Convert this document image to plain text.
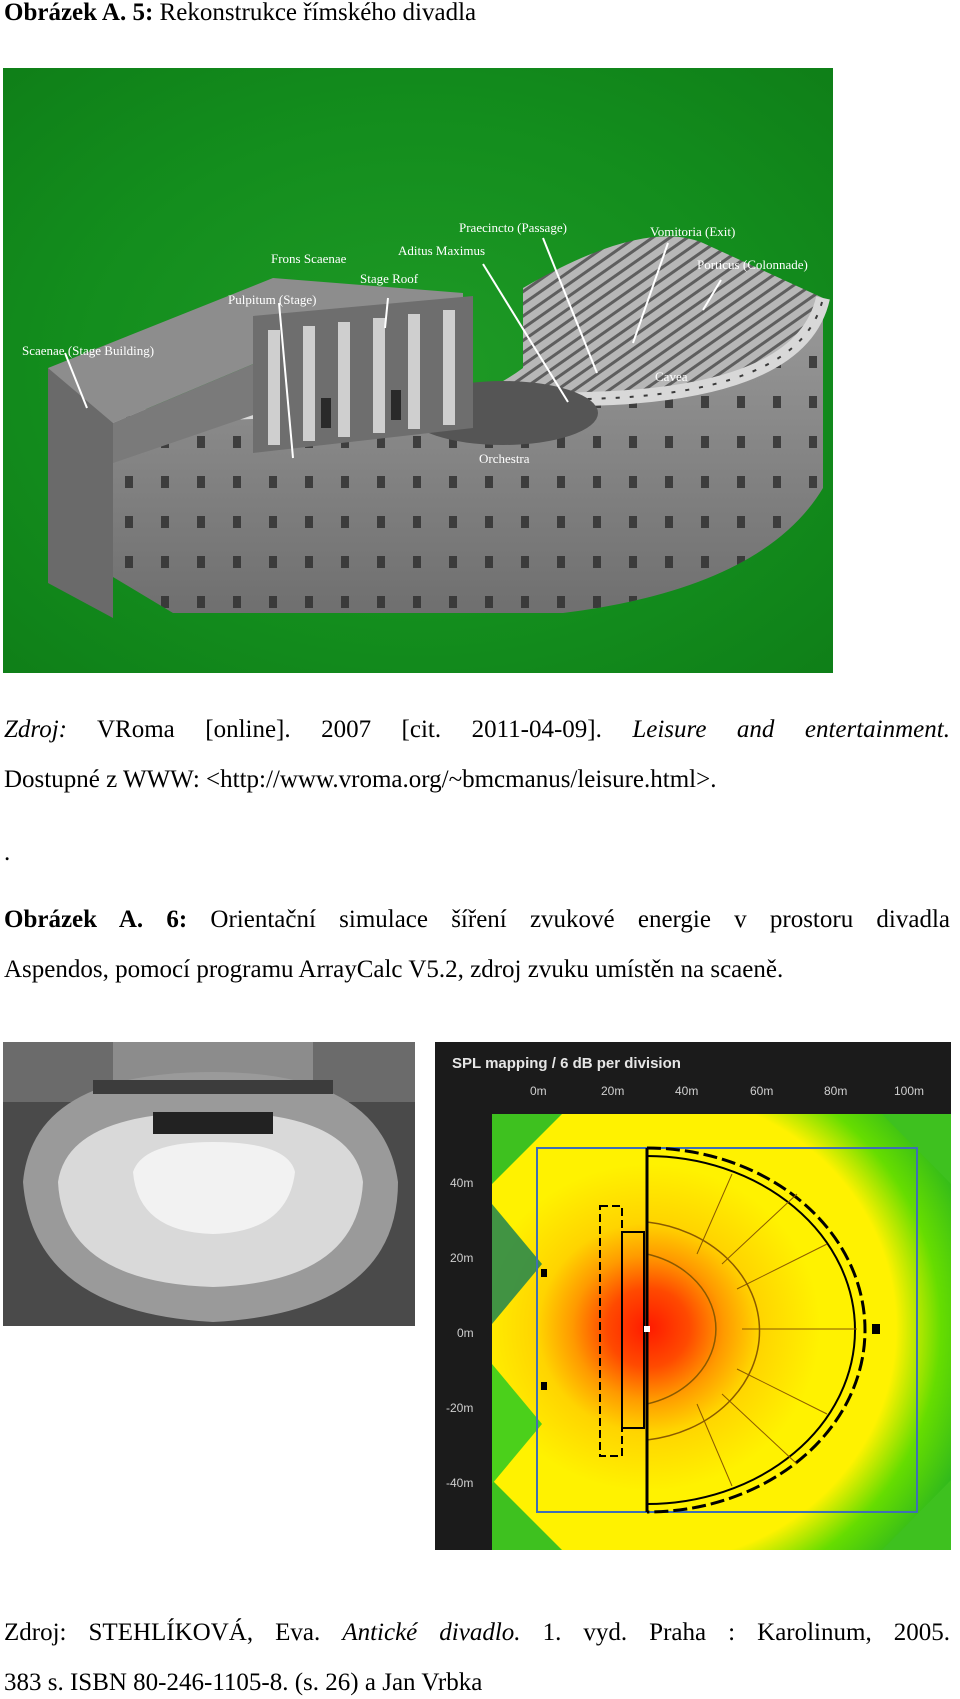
Obrázek A. 5: Rekonstrukce římského divadla
Scaenae (Stage Building)
Pulpitum (Stage)
Frons Scaenae
Stage Roof
Aditus Maximus
Praecincto (Passage)	Vomitoria (Exit)
Porticus (Colonnade)
Cavea
Orchestra
Zdroj: VRoma [online]. 2007 [cit. 2011-04-09]. Leisure and entertainment.
Dostupné z WWW: <http://www.vroma.org/~bmcmanus/leisure.html>.
.
Obrázek A. 6: Orientační simulace šíření zvukové energie v prostoru divadla
Aspendos, pomocí programu ArrayCalc V5.2, zdroj zvuku umístěn na scaeně.
SPL mapping / 6 dB per division
0m	20m	40m	60m	80m	100m
40m
20m
0m
-20m
-40m
Zdroj: STEHLÍKOVÁ, Eva. Antické divadlo. 1. vyd. Praha : Karolinum, 2005.
383 s. ISBN 80-246-1105-8. (s. 26) a Jan Vrbka
